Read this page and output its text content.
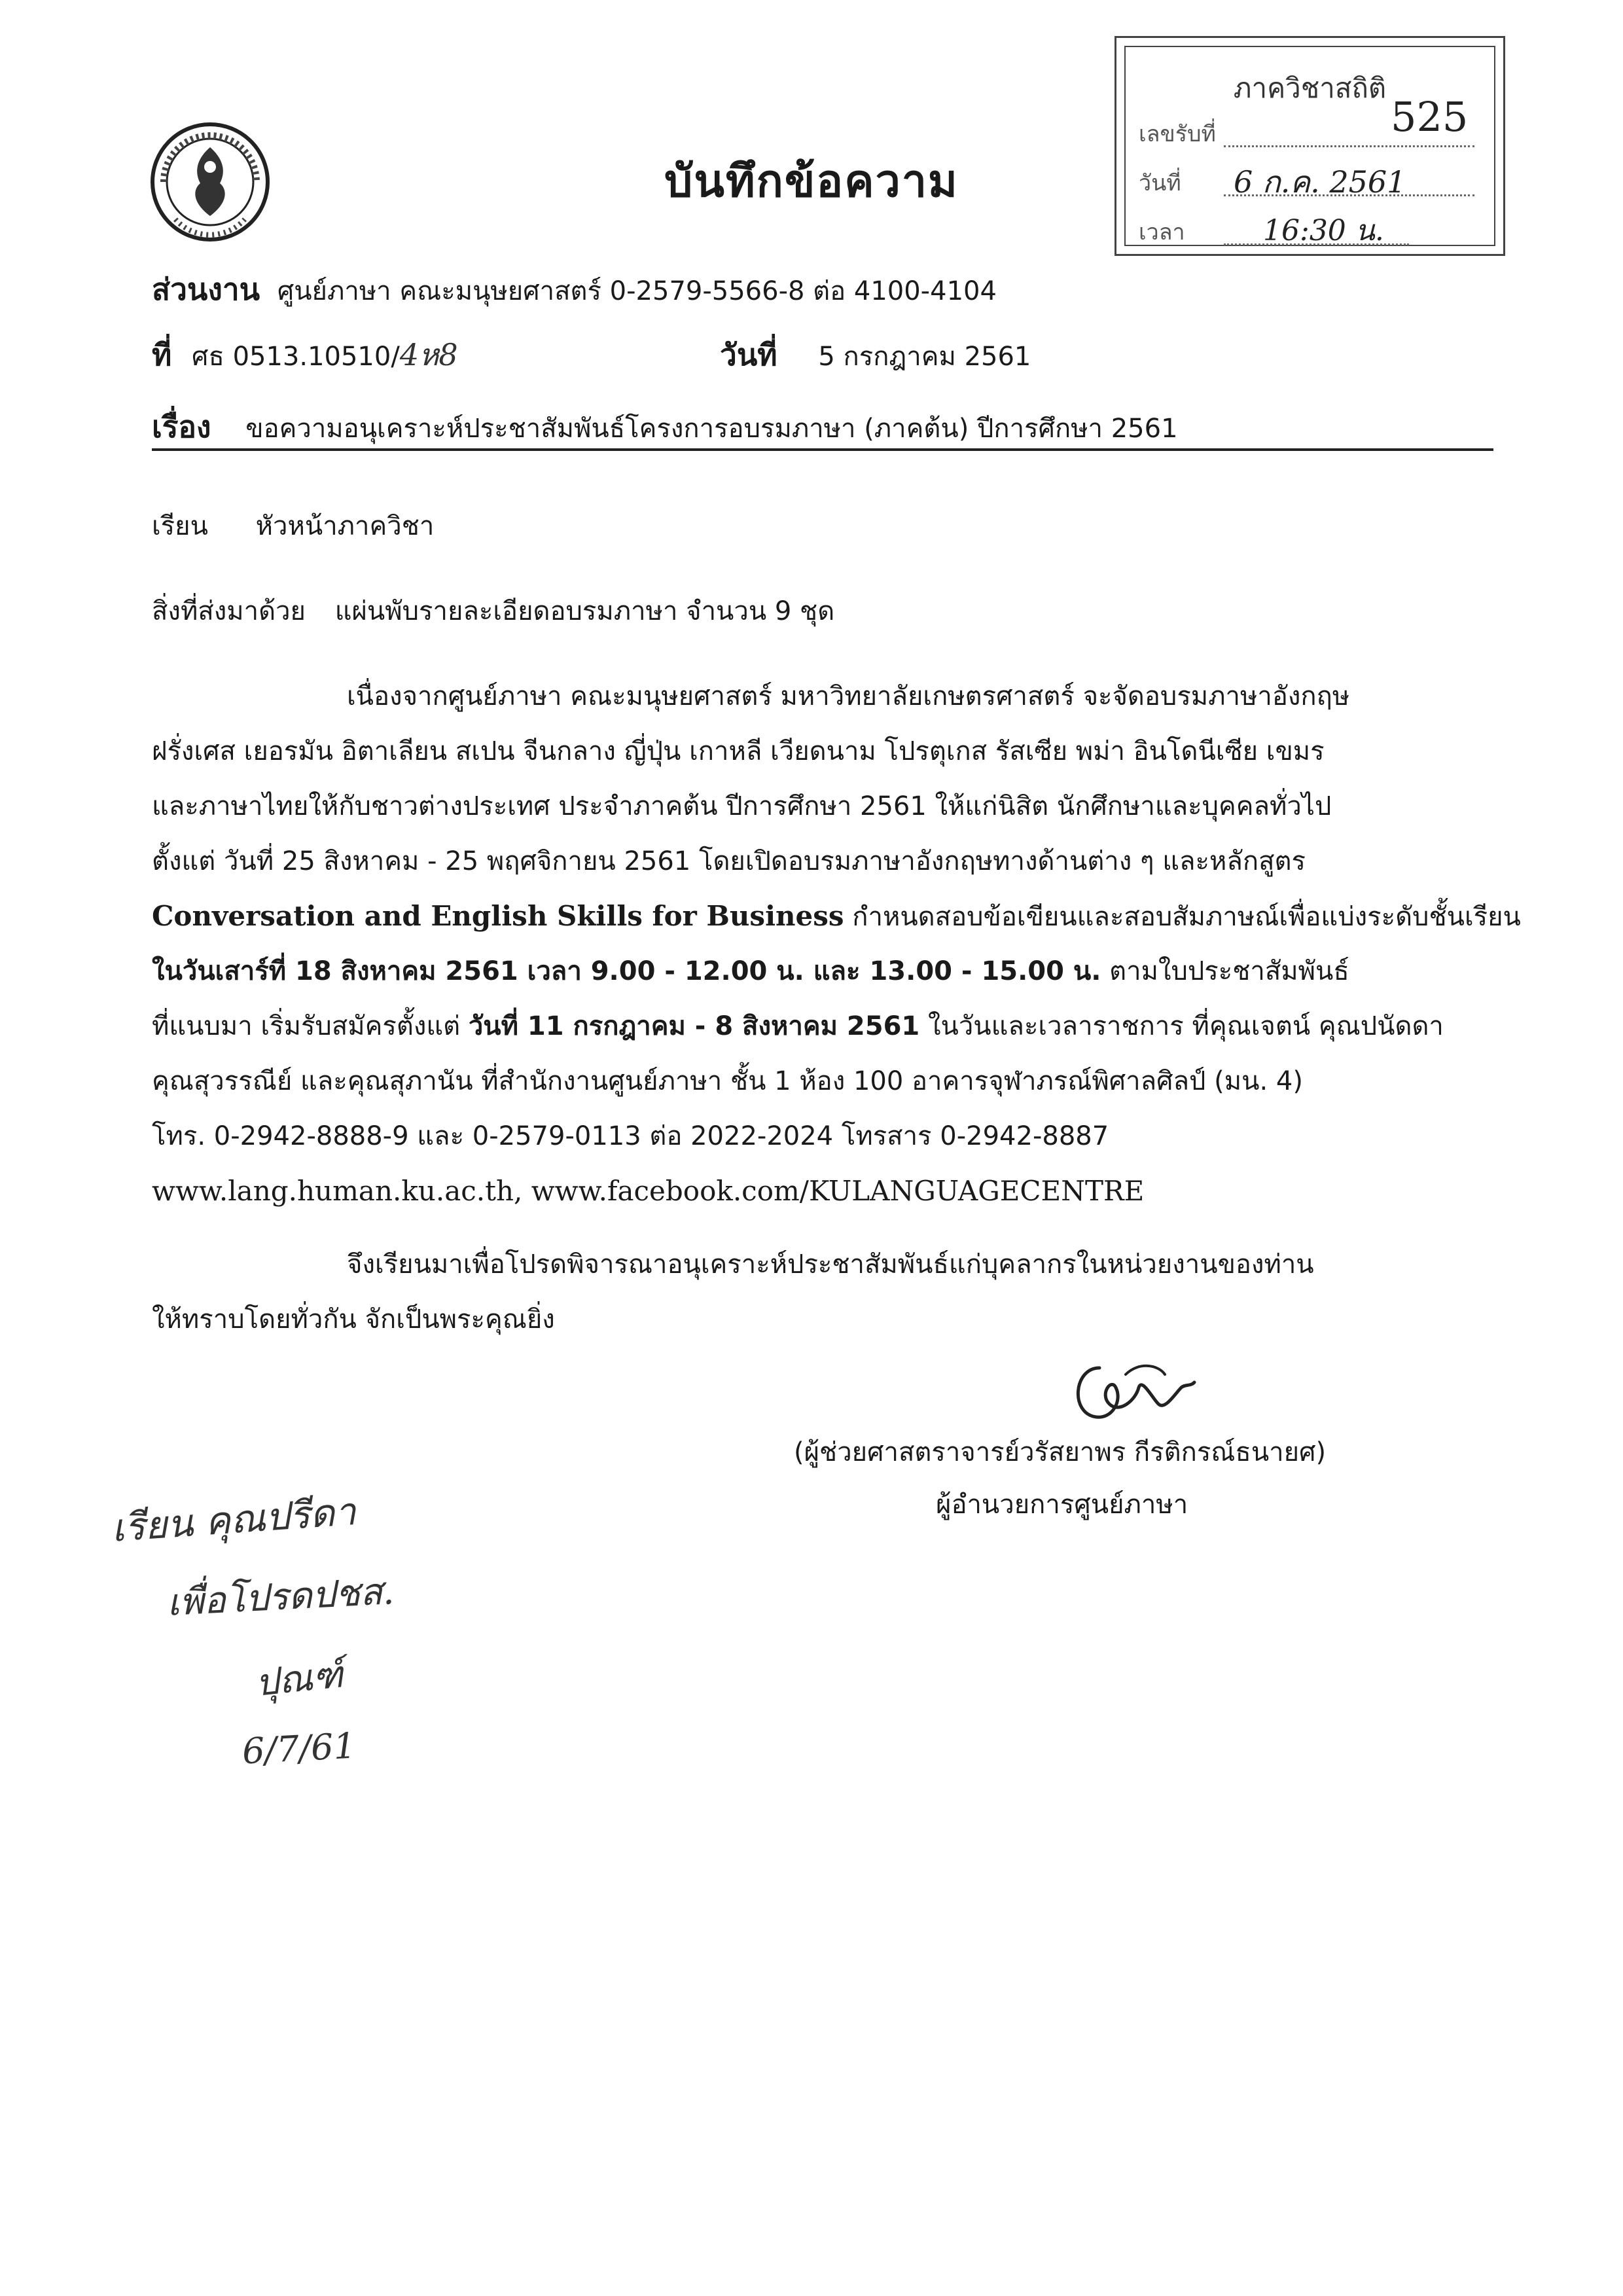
บันทึกข้อความ
ภาควิชาสถิติ
เลขรับที่	525
วันที่ 6 ก.ค. 2561
เวลา	16:30 น.
ส่วนงาน ศูนย์ภาษา คณะมนุษยศาสตร์ 0-2579-5566-8 ต่อ 4100-4104
ที่ ศธ 0513.10510/4ห8	วันที่ 5 กรกฎาคม 2561
เรื่อง ขอความอนุเคราะห์ประชาสัมพันธ์โครงการอบรมภาษา (ภาคต้น) ปีการศึกษา 2561
เรียน หัวหน้าภาควิชา
สิ่งที่ส่งมาด้วย แผ่นพับรายละเอียดอบรมภาษา จำนวน 9 ชุด
เนื่องจากศูนย์ภาษา คณะมนุษยศาสตร์ มหาวิทยาลัยเกษตรศาสตร์ จะจัดอบรมภาษาอังกฤษ
ฝรั่งเศส เยอรมัน อิตาเลียน สเปน จีนกลาง ญี่ปุ่น เกาหลี เวียดนาม โปรตุเกส รัสเซีย พม่า อินโดนีเซีย เขมร
และภาษาไทยให้กับชาวต่างประเทศ ประจำภาคต้น ปีการศึกษา 2561 ให้แก่นิสิต นักศึกษาและบุคคลทั่วไป
ตั้งแต่ วันที่ 25 สิงหาคม - 25 พฤศจิกายน 2561 โดยเปิดอบรมภาษาอังกฤษทางด้านต่าง ๆ และหลักสูตร
Conversation and English Skills for Business กำหนดสอบข้อเขียนและสอบสัมภาษณ์เพื่อแบ่งระดับชั้นเรียน
ในวันเสาร์ที่ 18 สิงหาคม 2561 เวลา 9.00 - 12.00 น. และ 13.00 - 15.00 น. ตามใบประชาสัมพันธ์
ที่แนบมา เริ่มรับสมัครตั้งแต่ วันที่ 11 กรกฎาคม - 8 สิงหาคม 2561 ในวันและเวลาราชการ ที่คุณเจตน์ คุณปนัดดา
คุณสุวรรณีย์ และคุณสุภานัน ที่สำนักงานศูนย์ภาษา ชั้น 1 ห้อง 100 อาคารจุฬาภรณ์พิศาลศิลป์ (มน. 4)
โทร. 0-2942-8888-9 และ 0-2579-0113 ต่อ 2022-2024 โทรสาร 0-2942-8887
www.lang.human.ku.ac.th, www.facebook.com/KULANGUAGECENTRE
จึงเรียนมาเพื่อโปรดพิจารณาอนุเคราะห์ประชาสัมพันธ์แก่บุคลากรในหน่วยงานของท่าน
ให้ทราบโดยทั่วกัน จักเป็นพระคุณยิ่ง
(ผู้ช่วยศาสตราจารย์วรัสยาพร กีรติกรณ์ธนายศ)
ผู้อำนวยการศูนย์ภาษา
เรียน คุณปรีดา
เพื่อโปรดปชส.
ปุณฑ์
6/7/61
